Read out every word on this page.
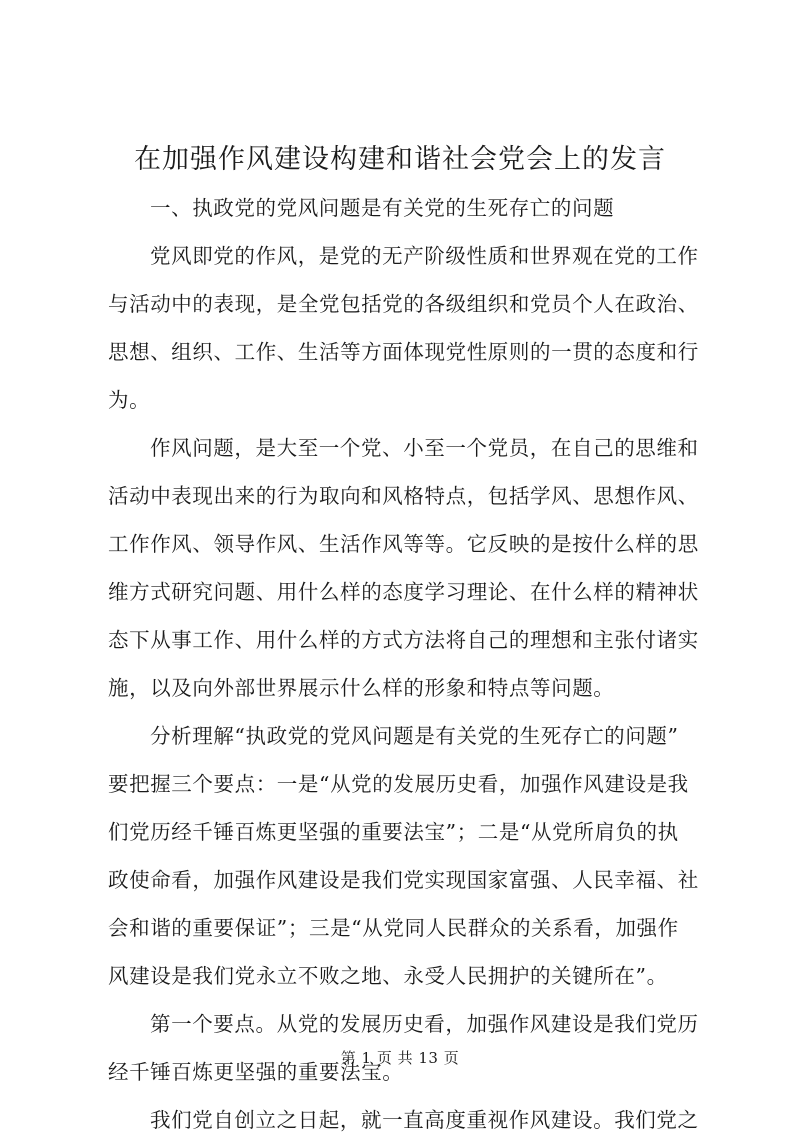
在加强作风建设构建和谐社会党会上的发言
一、执政党的党风问题是有关党的生死存亡的问题
党风即党的作风，是党的无产阶级性质和世界观在党的工作
与活动中的表现，是全党包括党的各级组织和党员个人在政治、
思想、组织、工作、生活等方面体现党性原则的一贯的态度和行
为。
作风问题，是大至一个党、小至一个党员，在自己的思维和
活动中表现出来的行为取向和风格特点，包括学风、思想作风、
工作作风、领导作风、生活作风等等。它反映的是按什么样的思
维方式研究问题、用什么样的态度学习理论、在什么样的精神状
态下从事工作、用什么样的方式方法将自己的理想和主张付诸实
施，以及向外部世界展示什么样的形象和特点等问题。
分析理解“执政党的党风问题是有关党的生死存亡的问题”
要把握三个要点：一是“从党的发展历史看，加强作风建设是我
们党历经千锤百炼更坚强的重要法宝”；二是“从党所肩负的执
政使命看，加强作风建设是我们党实现国家富强、人民幸福、社
会和谐的重要保证”；三是“从党同人民群众的关系看，加强作
风建设是我们党永立不败之地、永受人民拥护的关键所在”。
第一个要点。从党的发展历史看，加强作风建设是我们党历
经千锤百炼更坚强的重要法宝。
我们党自创立之日起，就一直高度重视作风建设。我们党之
第 1 页 共 13 页
